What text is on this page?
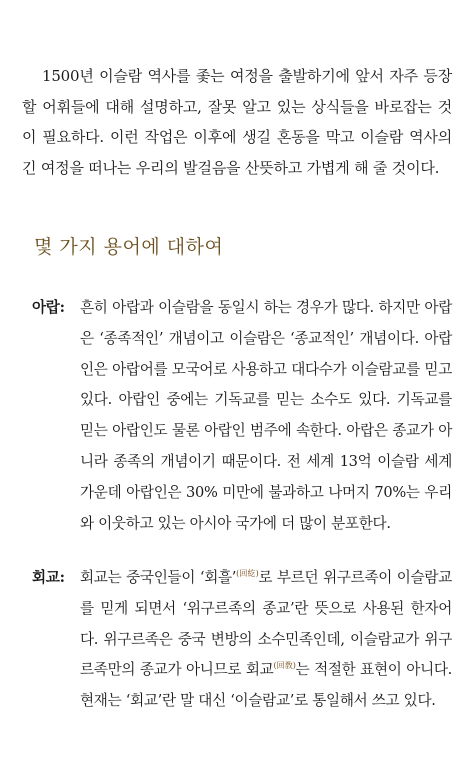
1500년 이슬람 역사를 좇는 여정을 출발하기에 앞서 자주 등장할 어휘들에 대해 설명하고, 잘못 알고 있는 상식들을 바로잡는 것이 필요하다. 이런 작업은 이후에 생길 혼동을 막고 이슬람 역사의 긴 여정을 떠나는 우리의 발걸음을 산뜻하고 가볍게 해 줄 것이다.

몇 가지 용어에 대하여
아랍: 흔히 아랍과 이슬람을 동일시 하는 경우가 많다. 하지만 아랍은 ‘종족적인’ 개념이고 이슬람은 ‘종교적인’ 개념이다. 아랍인은 아랍어를 모국어로 사용하고 대다수가 이슬람교를 믿고 있다. 아랍인 중에는 기독교를 믿는 소수도 있다. 기독교를 믿는 아랍인도 물론 아랍인 범주에 속한다. 아랍은 종교가 아니라 종족의 개념이기 때문이다. 전 세계 13억 이슬람 세계 가운데 아랍인은 30% 미만에 불과하고 나머지 70%는 우리와 이웃하고 있는 아시아 국가에 더 많이 분포한다.

회교: 회교는 중국인들이 ‘회흘’$^{(回紇)}$로 부르던 위구르족이 이슬람교를 믿게 되면서 ‘위구르족의 종교’란 뜻으로 사용된 한자어다. 위구르족은 중국 변방의 소수민족인데, 이슬람교가 위구르족만의 종교가 아니므로 회교$^{(回敎)}$는 적절한 표현이 아니다. 현재는 ‘회교’란 말 대신 ‘이슬람교’로 통일해서 쓰고 있다.
